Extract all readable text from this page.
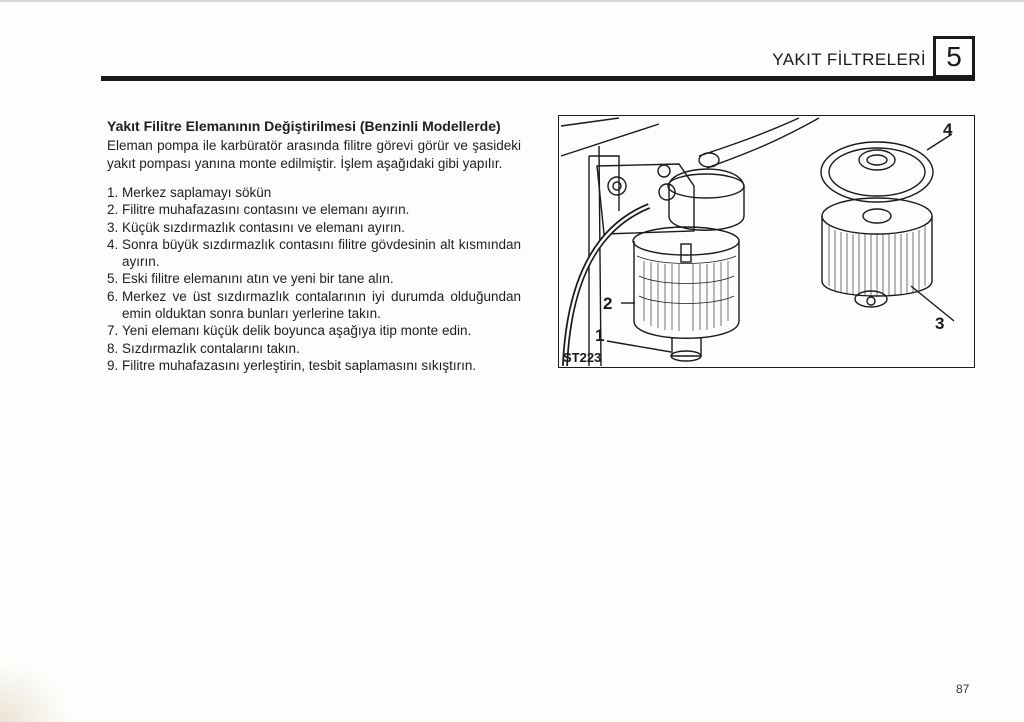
YAKIT FİLTRELERİ 5

Yakıt Filitre Elemanının Değiştirilmesi (Benzinli Modellerde)

Eleman pompa ile karbüratör arasında filitre görevi görür ve şasideki yakıt pompası yanına monte edilmiştir. İşlem aşağıdaki gibi yapılır.

1. Merkez saplamayı sökün
2. Filitre muhafazasını contasını ve elemanı ayırın.
3. Küçük sızdırmazlık contasını ve elemanı ayırın.
4. Sonra büyük sızdırmazlık contasını filitre gövdesinin alt kısmından ayırın.
5. Eski filitre elemanını atın ve yeni bir tane alın.
6. Merkez ve üst sızdırmazlık contalarının iyi durumda olduğundan emin olduktan sonra bunları yerlerine takın.
7. Yeni elemanı küçük delik boyunca aşağıya itip monte edin.
8. Sızdırmazlık contalarını takın.
9. Filitre muhafazasını yerleştirin, tesbit saplamasını sıkıştırın.
ST223
4
3
2
1
87
